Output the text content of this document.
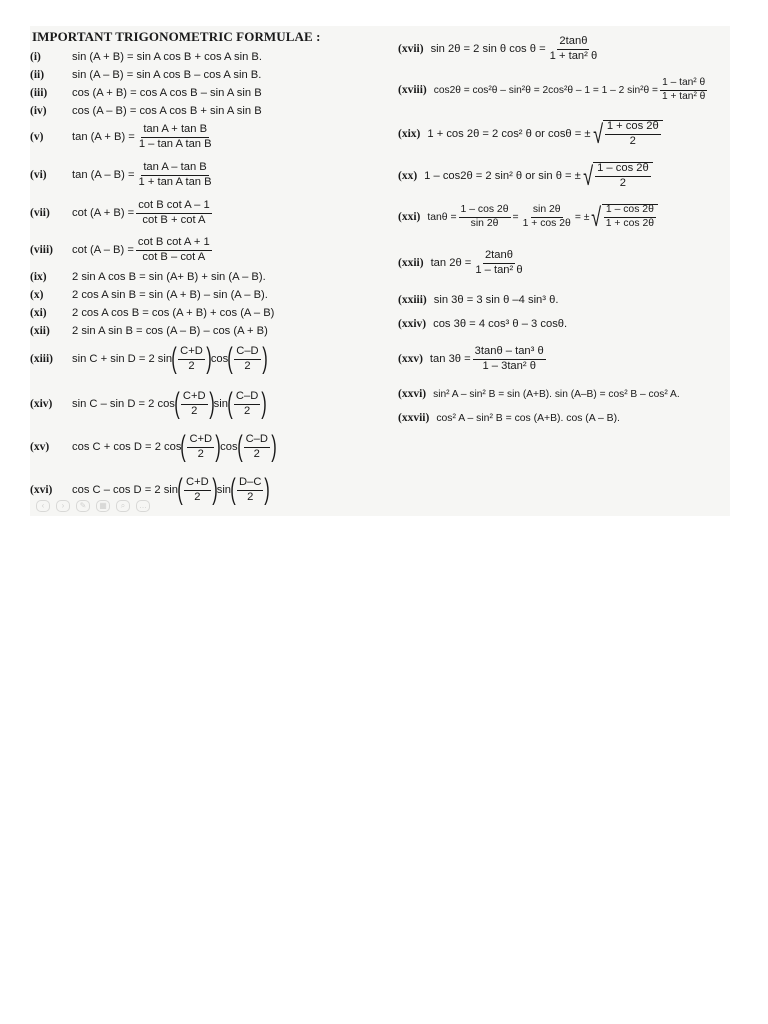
IMPORTANT TRIGONOMETRIC FORMULAE :
(i)	sin (A + B) = sin A cos B + cos A sin B.
(ii)	sin (A – B) = sin A cos B – cos A sin B.
(iii)	cos (A + B) = cos A cos B – sin A sin B
(iv)	cos (A – B) = cos A cos B + sin A sin B
(v)	$\tan (A + B) = \frac{\text{tan A + tan B}}{\text{1 – tan A tan B}}$
(vi)	$\tan (A - B) = \frac{\text{tan A – tan B}}{\text{1 + tan A tan B}}$
(vii)	$\cot (A + B) = \frac{\text{cot B cot A – 1}}{\text{cot B + cot A}}$
(viii)	$\cot (A - B) = \frac{\text{cot B cot A + 1}}{\text{cot B – cot A}}$
(ix)	2 sin A cos B = sin (A+ B) + sin (A – B).
(x)	2 cos A sin B = sin (A + B) – sin (A – B).
(xi)	2 cos A cos B = cos (A + B) + cos (A – B)
(xii)	2 sin A sin B = cos (A – B) – cos (A + B)
(xiii)	sin C + sin D = 2 sin ( $\frac{C+D}{2}$ ) cos ( $\frac{C-D}{2}$ )
(xiv)	sin C – sin D = 2 cos ( $\frac{C+D}{2}$ ) sin ( $\frac{C-D}{2}$ )
(xv)	cos C + cos D = 2 cos ( $\frac{C+D}{2}$ ) cos ( $\frac{C-D}{2}$ )
(xvi)	cos C – cos D = 2 sin ( $\frac{C+D}{2}$ ) sin ( $\frac{D-C}{2}$ )
‹	›	✎	▦	⌕	…
(xvii) sin 2θ = 2 sin θ $\cos \theta = \frac{2\tan\theta}{\text{1 + tan² θ}}$
(xviii) cos2θ = cos²θ – sin²θ = 2cos²θ – 1 = 1 – 2 $\sin^2\theta = \frac{\text{1 – tan² θ}}{\text{1 + tan² θ}}$
(xix) 1 + cos 2θ = 2 cos² θ or cosθ = ± √ $\frac{1 + \cos 2\theta}{2}$
(xx) 1 – cos2θ = 2 sin² θ or sin θ = ± √ $\frac{1 - \cos 2\theta}{2}$
(xxi) $\tan\theta = \frac{1 - \cos 2\theta}{\sin 2\theta} = \frac{\sin 2\theta}{1 + \cos 2\theta}$ = ± √ $\frac{1 - \cos 2\theta}{1 + \cos 2\theta}$
(xxii) $\tan 2\theta = \frac{2\tan\theta}{\text{1 – tan² θ}}$
(xxiii) sin 3θ = 3 sin θ –4 sin³ θ.
(xxiv) cos 3θ = 4 cos³ θ – 3 cosθ.
(xxv) $\tan 3\theta = \frac{\text{3tanθ – tan³ θ}}{\text{1 – 3tan² θ}}$
(xxvi) sin² A – sin² B = sin (A+B). sin (A–B) = cos² B – cos² A.
(xxvii) cos² A – sin² B = cos (A+B). cos (A – B).
